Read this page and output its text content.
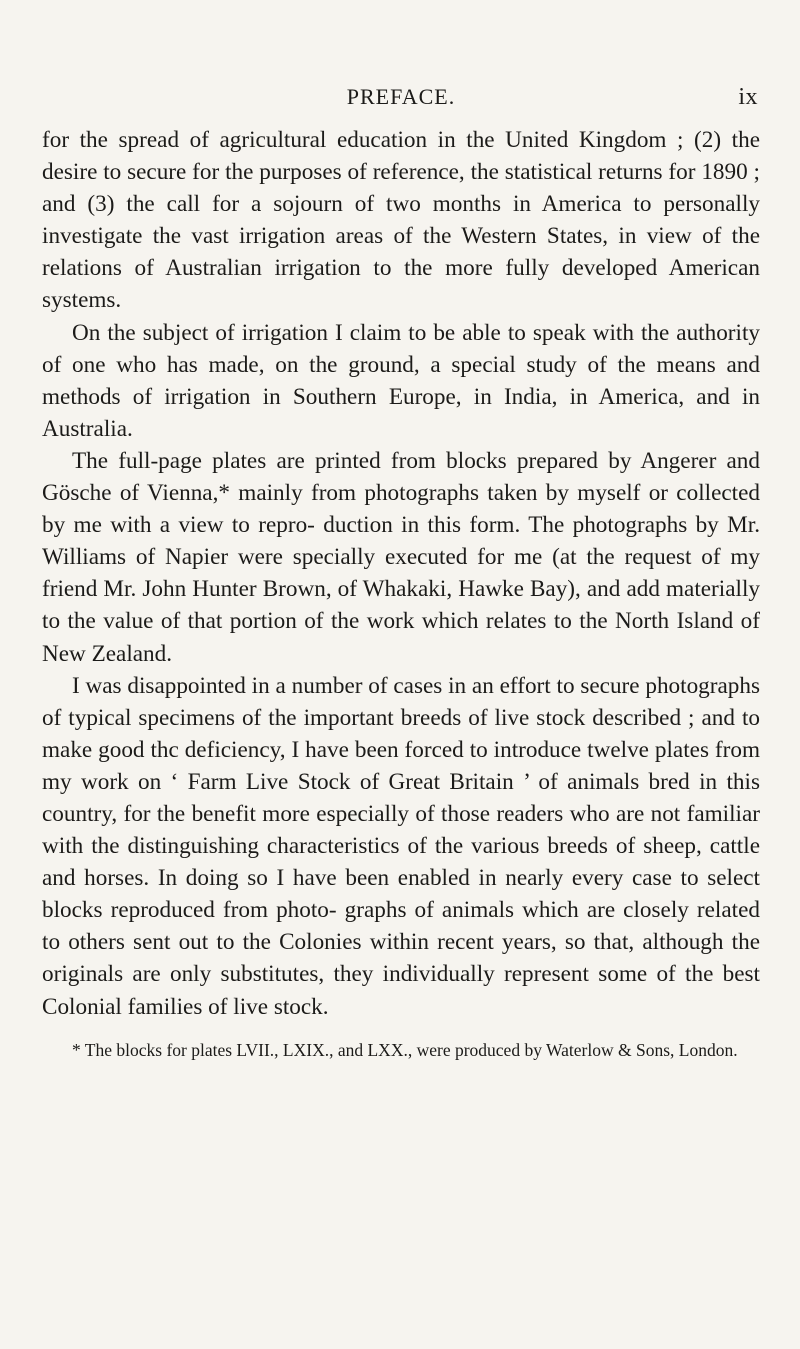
PREFACE.	ix

for the spread of agricultural education in the United Kingdom ; (2) the desire to secure for the purposes of reference, the statistical returns for 1890 ; and (3) the call for a sojourn of two months in America to personally investigate the vast irrigation areas of the Western States, in view of the relations of Australian irrigation to the more fully developed American systems.

On the subject of irrigation I claim to be able to speak with the authority of one who has made, on the ground, a special study of the means and methods of irrigation in Southern Europe, in India, in America, and in Australia.

The full-page plates are printed from blocks prepared by Angerer and Gösche of Vienna,* mainly from photographs taken by myself or collected by me with a view to repro- duction in this form. The photographs by Mr. Williams of Napier were specially executed for me (at the request of my friend Mr. John Hunter Brown, of Whakaki, Hawke Bay), and add materially to the value of that portion of the work which relates to the North Island of New Zealand.

I was disappointed in a number of cases in an effort to secure photographs of typical specimens of the important breeds of live stock described ; and to make good thc deficiency, I have been forced to introduce twelve plates from my work on ‘ Farm Live Stock of Great Britain ’ of animals bred in this country, for the benefit more especially of those readers who are not familiar with the distinguishing characteristics of the various breeds of sheep, cattle and horses. In doing so I have been enabled in nearly every case to select blocks reproduced from photo- graphs of animals which are closely related to others sent out to the Colonies within recent years, so that, although the originals are only substitutes, they individually represent some of the best Colonial families of live stock.

* The blocks for plates LVII., LXIX., and LXX., were produced by Waterlow & Sons, London.
